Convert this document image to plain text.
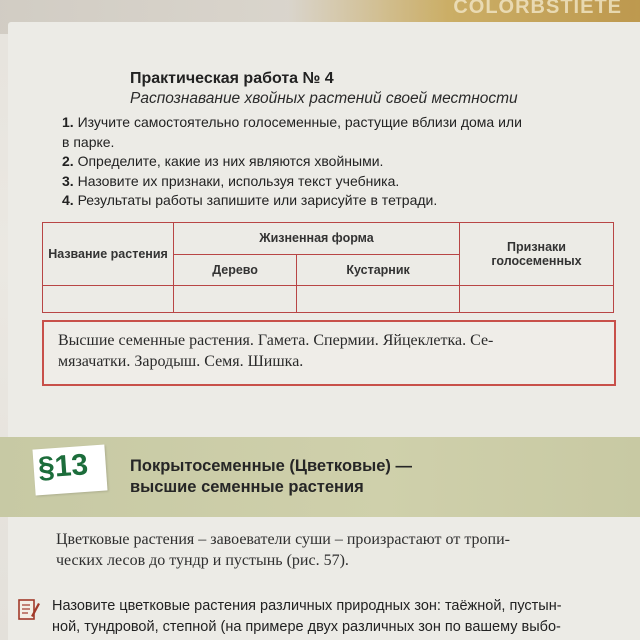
COLORBSTIETE
Практическая работа № 4
Распознавание хвойных растений своей местности
1. Изучите самостоятельно голосеменные, растущие вблизи дома или
в парке.
2. Определите, какие из них являются хвойными.
3. Назовите их признаки, используя текст учебника.
4. Результаты работы запишите или зарисуйте в тетради.
Название растения	Жизненная форма		Признаки голосеменных
	Дерево	Кустарник	

Высшие семенные растения. Гамета. Спермии. Яйцеклетка. Се-
мязачатки. Зародыш. Семя. Шишка.
§13 Покрытосеменные (Цветковые) —
высшие семенные растения
Цветковые растения – завоеватели суши – произрастают от тропи-
ческих лесов до тундр и пустынь (рис. 57).
Назовите цветковые растения различных природных зон: таёжной, пустын-
ной, тундровой, степной (на примере двух различных зон по вашему выбо-
